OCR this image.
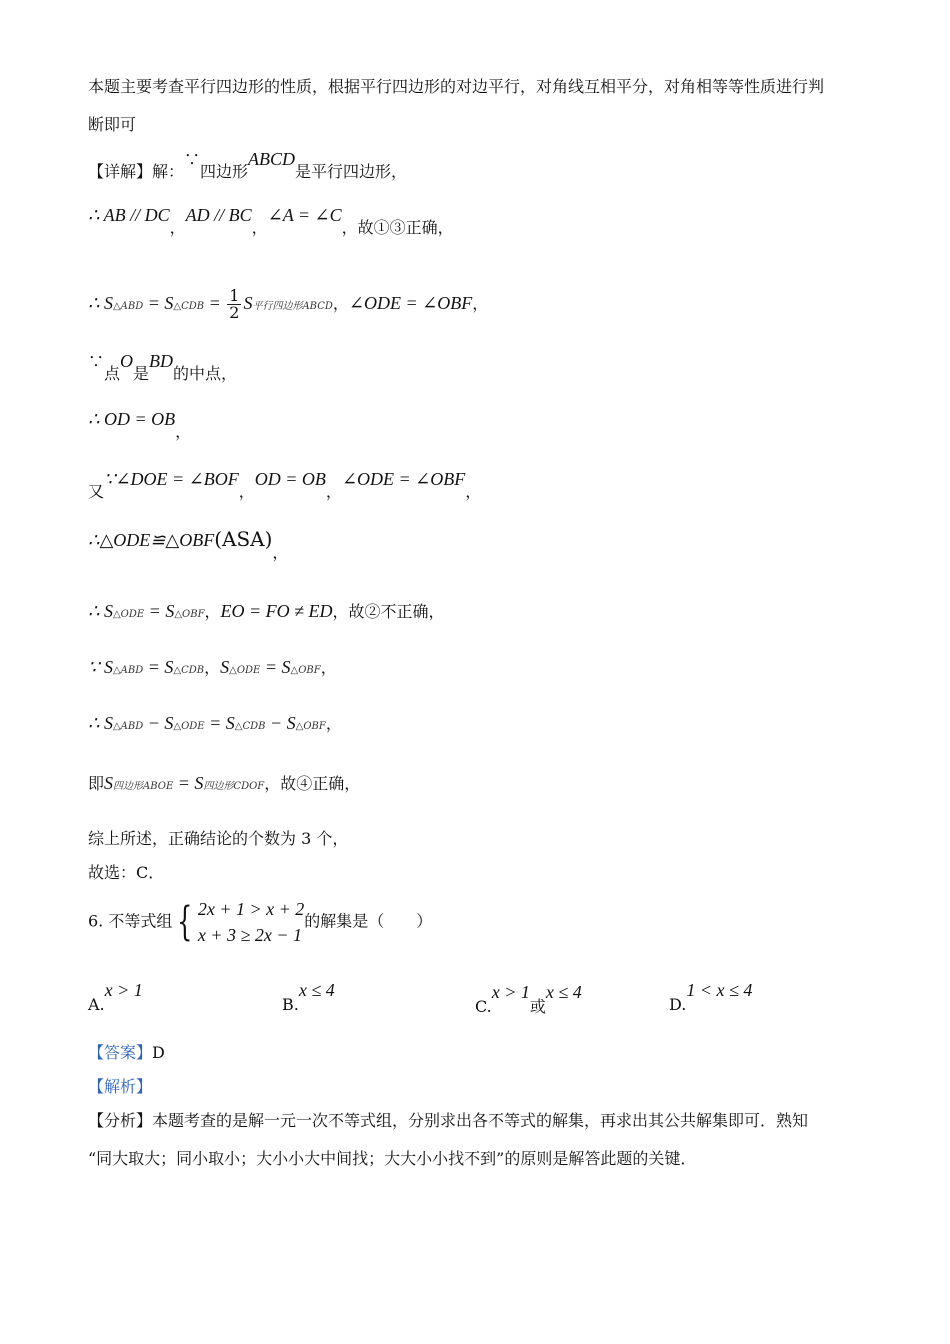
本题主要考查平行四边形的性质，根据平行四边形的对边平行，对角线互相平分，对角相等等性质进行判
断即可
【详解】解：∵四边形ABCD是平行四边形，
∴ AB // DC，AD // BC，∠A = ∠C，故①③正确，
∴ S△ABD = S△CDB = $\frac{1}{2}$ S平行四边形ABCD，∠ODE = ∠OBF，
∵点O是BD的中点，
∴ OD = OB，
又∵∠DOE = ∠BOF，OD = OB，∠ODE = ∠OBF，
∴△ODE≌△OBF(ASA)，
∴ S△ODE = S△OBF，EO = FO ≠ ED，故②不正确，
∵ S△ABD = S△CDB，S△ODE = S△OBF，
∴ S△ABD − S△ODE = S△CDB − S△OBF，
即S四边形ABOE = S四边形CDOF，故④正确，
综上所述，正确结论的个数为 3 个，
故选：C．
6. 不等式组 { 2x + 1 > x + 2
x + 3 ≥ 2x − 1
的解集是（　　）
A.x > 1
B.x ≤ 4
C.x > 1或x ≤ 4
D.1 < x ≤ 4
【答案】D
【解析】
【分析】本题考查的是解一元一次不等式组，分别求出各不等式的解集，再求出其公共解集即可．熟知
“同大取大；同小取小；大小小大中间找；大大小小找不到”的原则是解答此题的关键．
